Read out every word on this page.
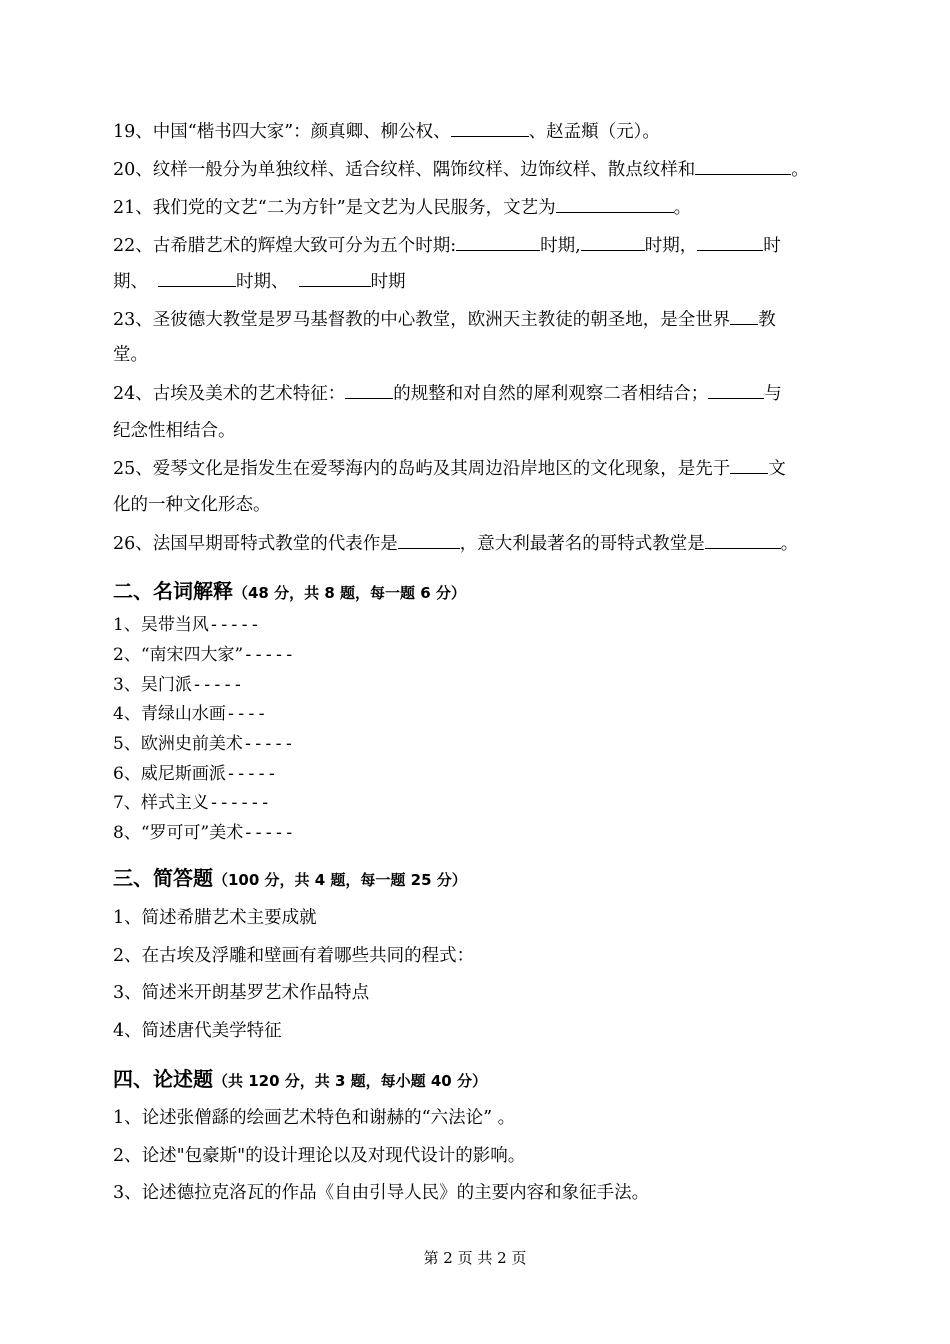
19、中国“楷书四大家”：颜真卿、柳公权、	、赵孟頫（元）。
20、纹样一般分为单独纹样、适合纹样、隅饰纹样、边饰纹样、散点纹样和	。
21、我们党的文艺“二为方针”是文艺为人民服务，文艺为	。
22、古希腊艺术的辉煌大致可分为五个时期:	时期,	时期，	时
期、	时期、	时期
23、圣彼德大教堂是罗马基督教的中心教堂，欧洲天主教徒的朝圣地，是全世界 教
堂。
24、古埃及美术的艺术特征：	的规整和对自然的犀利观察二者相结合；	与
纪念性相结合。
25、爱琴文化是指发生在爱琴海内的岛屿及其周边沿岸地区的文化现象，是先于 文
化的一种文化形态。
26、法国早期哥特式教堂的代表作是	，意大利最著名的哥特式教堂是	。
二、名词解释（48 分，共 8 题，每一题 6 分）
1、吴带当风-----
2、“南宋四大家”-----
3、吴门派-----
4、青绿山水画----
5、欧洲史前美术-----
6、威尼斯画派-----
7、样式主义------
8、“罗可可”美术-----
三、简答题（100 分，共 4 题，每一题 25 分）
1、简述希腊艺术主要成就
2、在古埃及浮雕和壁画有着哪些共同的程式：
3、简述米开朗基罗艺术作品特点
4、简述唐代美学特征
四、论述题（共 120 分，共 3 题，每小题 40 分）
1、论述张僧繇的绘画艺术特色和谢赫的“六法论” 。
2、论述"包豪斯"的设计理论以及对现代设计的影响。
3、论述德拉克洛瓦的作品《自由引导人民》的主要内容和象征手法。
第 2 页 共 2 页
